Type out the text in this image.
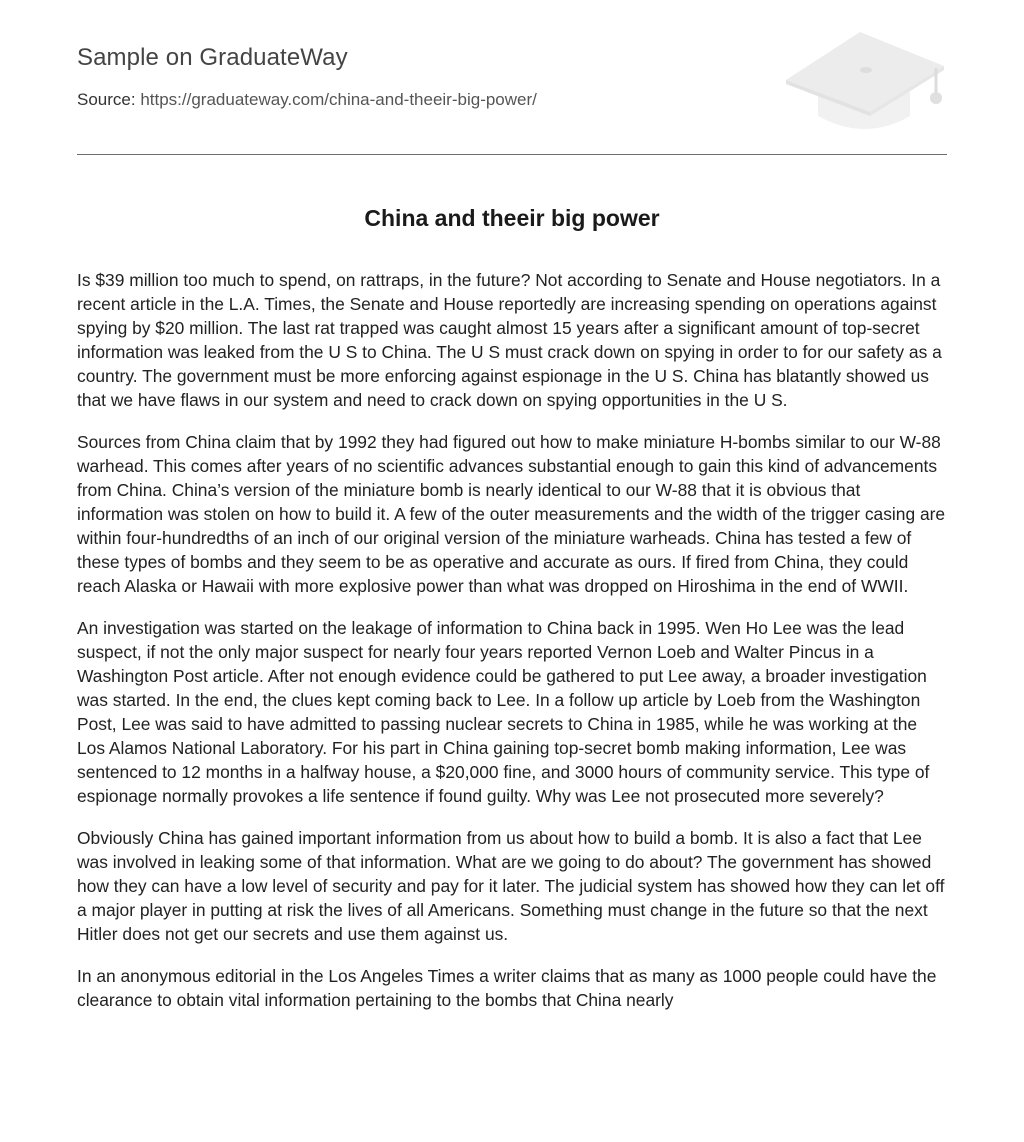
Sample on GraduateWay
Source: https://graduateway.com/china-and-theeir-big-power/
China and theeir big power

Is $39 million too much to spend, on rattraps, in the future? Not according to Senate and House negotiators. In a recent article in the L.A. Times, the Senate and House reportedly are increasing spending on operations against spying by $20 million. The last rat trapped was caught almost 15 years after a significant amount of top-secret information was leaked from the U S to China. The U S must crack down on spying in order to for our safety as a country. The government must be more enforcing against espionage in the U S. China has blatantly showed us that we have flaws in our system and need to crack down on spying opportunities in the U S.

Sources from China claim that by 1992 they had figured out how to make miniature H-bombs similar to our W-88 warhead. This comes after years of no scientific advances substantial enough to gain this kind of advancements from China. China’s version of the miniature bomb is nearly identical to our W-88 that it is obvious that information was stolen on how to build it. A few of the outer measurements and the width of the trigger casing are within four-hundredths of an inch of our original version of the miniature warheads. China has tested a few of these types of bombs and they seem to be as operative and accurate as ours. If fired from China, they could reach Alaska or Hawaii with more explosive power than what was dropped on Hiroshima in the end of WWII.

An investigation was started on the leakage of information to China back in 1995. Wen Ho Lee was the lead suspect, if not the only major suspect for nearly four years reported Vernon Loeb and Walter Pincus in a Washington Post article. After not enough evidence could be gathered to put Lee away, a broader investigation was started. In the end, the clues kept coming back to Lee. In a follow up article by Loeb from the Washington Post, Lee was said to have admitted to passing nuclear secrets to China in 1985, while he was working at the Los Alamos National Laboratory. For his part in China gaining top-secret bomb making information, Lee was sentenced to 12 months in a halfway house, a $20,000 fine, and 3000 hours of community service. This type of espionage normally provokes a life sentence if found guilty. Why was Lee not prosecuted more severely?

Obviously China has gained important information from us about how to build a bomb. It is also a fact that Lee was involved in leaking some of that information. What are we going to do about? The government has showed how they can have a low level of security and pay for it later. The judicial system has showed how they can let off a major player in putting at risk the lives of all Americans. Something must change in the future so that the next Hitler does not get our secrets and use them against us.

In an anonymous editorial in the Los Angeles Times a writer claims that as many as 1000 people could have the clearance to obtain vital information pertaining to the bombs that China nearly
